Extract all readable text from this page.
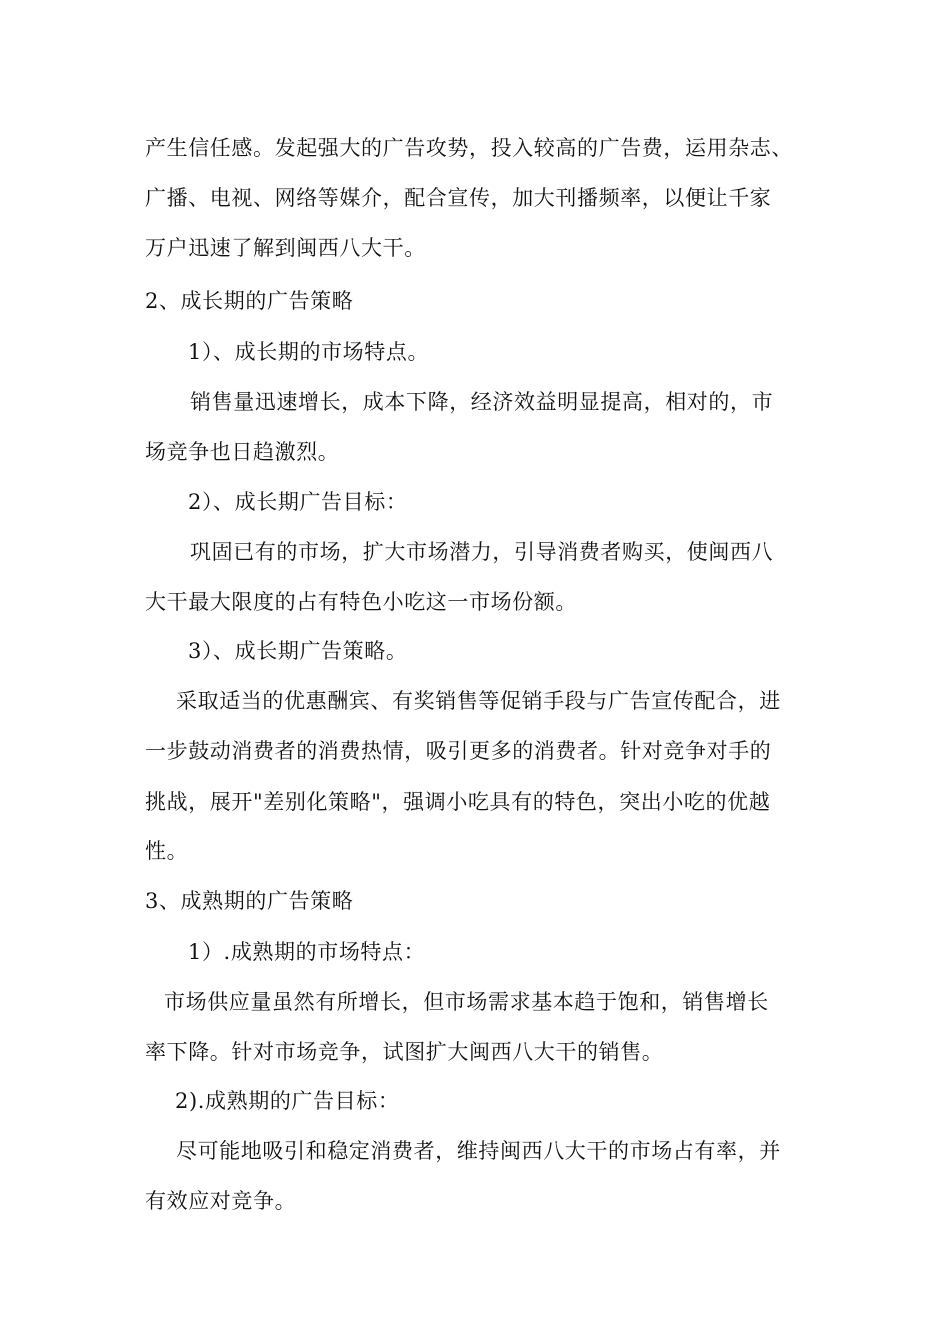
产生信任感。发起强大的广告攻势，投入较高的广告费，运用杂志、
广播、电视、网络等媒介，配合宣传，加大刊播频率，以便让千家
万户迅速了解到闽西八大干。
2、成长期的广告策略
1）、成长期的市场特点。
销售量迅速增长，成本下降，经济效益明显提高，相对的，市
场竞争也日趋激烈。
2）、成长期广告目标：
巩固已有的市场，扩大市场潜力，引导消费者购买，使闽西八
大干最大限度的占有特色小吃这一市场份额。
3）、成长期广告策略。
采取适当的优惠酬宾、有奖销售等促销手段与广告宣传配合，进
一步鼓动消费者的消费热情，吸引更多的消费者。针对竞争对手的
挑战，展开"差别化策略"，强调小吃具有的特色，突出小吃的优越
性。
3、成熟期的广告策略
1）.成熟期的市场特点：
市场供应量虽然有所增长，但市场需求基本趋于饱和，销售增长
率下降。针对市场竞争，试图扩大闽西八大干的销售。
2).成熟期的广告目标：
尽可能地吸引和稳定消费者，维持闽西八大干的市场占有率，并
有效应对竞争。
